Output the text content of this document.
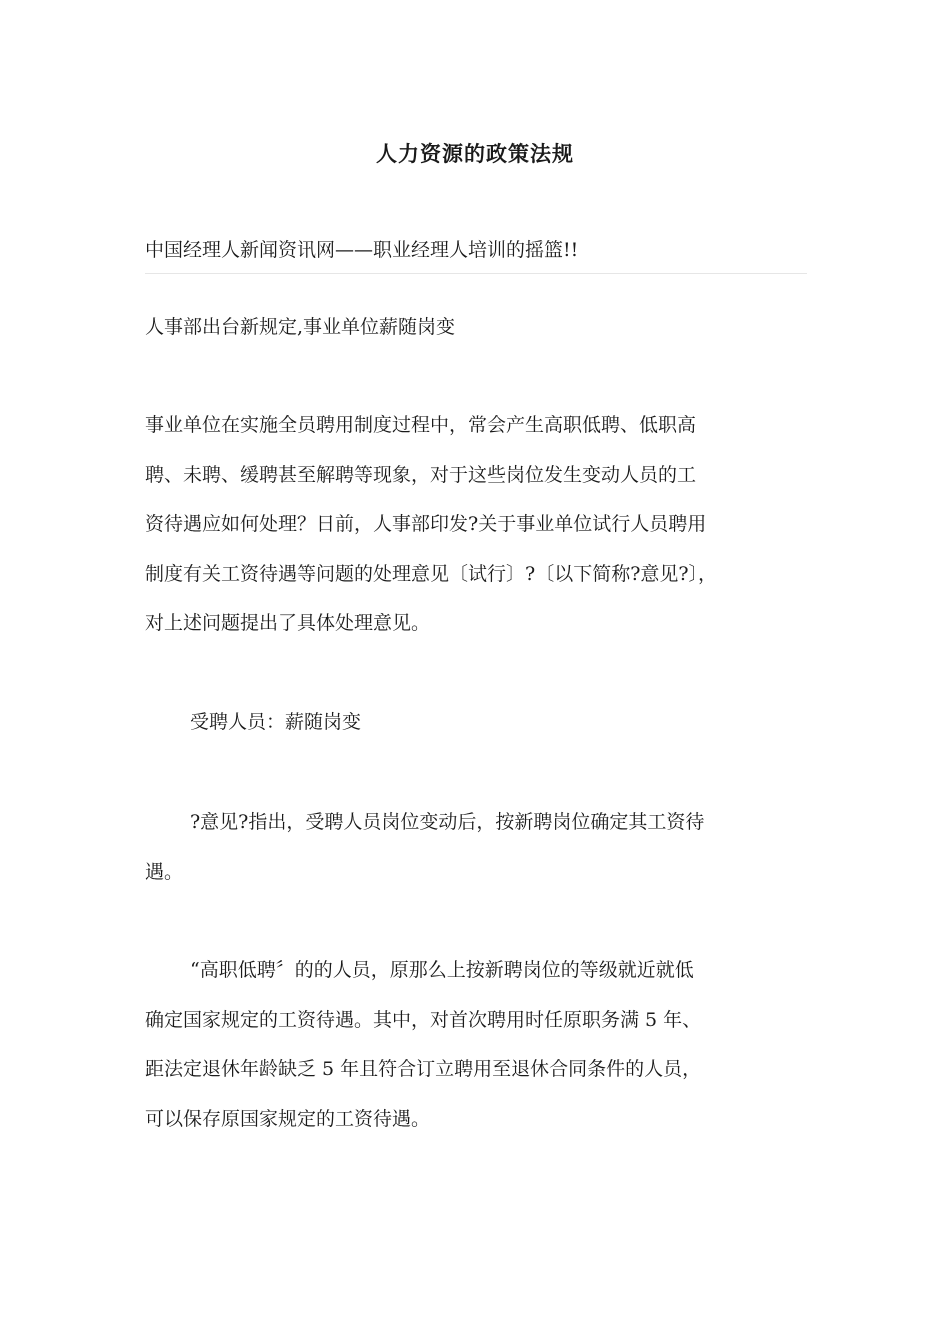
人力资源的政策法规
中国经理人新闻资讯网——职业经理人培训的摇篮!!
人事部出台新规定,事业单位薪随岗变

事业单位在实施全员聘用制度过程中，常会产生高职低聘、低职高
聘、未聘、缓聘甚至解聘等现象，对于这些岗位发生变动人员的工
资待遇应如何处理？日前，人事部印发?关于事业单位试行人员聘用
制度有关工资待遇等问题的处理意见〔试行〕?〔以下简称?意见?〕，
对上述问题提出了具体处理意见。

受聘人员：薪随岗变

?意见?指出，受聘人员岗位变动后，按新聘岗位确定其工资待
遇。

“高职低聘〞的的人员，原那么上按新聘岗位的等级就近就低
确定国家规定的工资待遇。其中，对首次聘用时任原职务满 5 年、
距法定退休年龄缺乏 5 年且符合订立聘用至退休合同条件的人员，
可以保存原国家规定的工资待遇。
